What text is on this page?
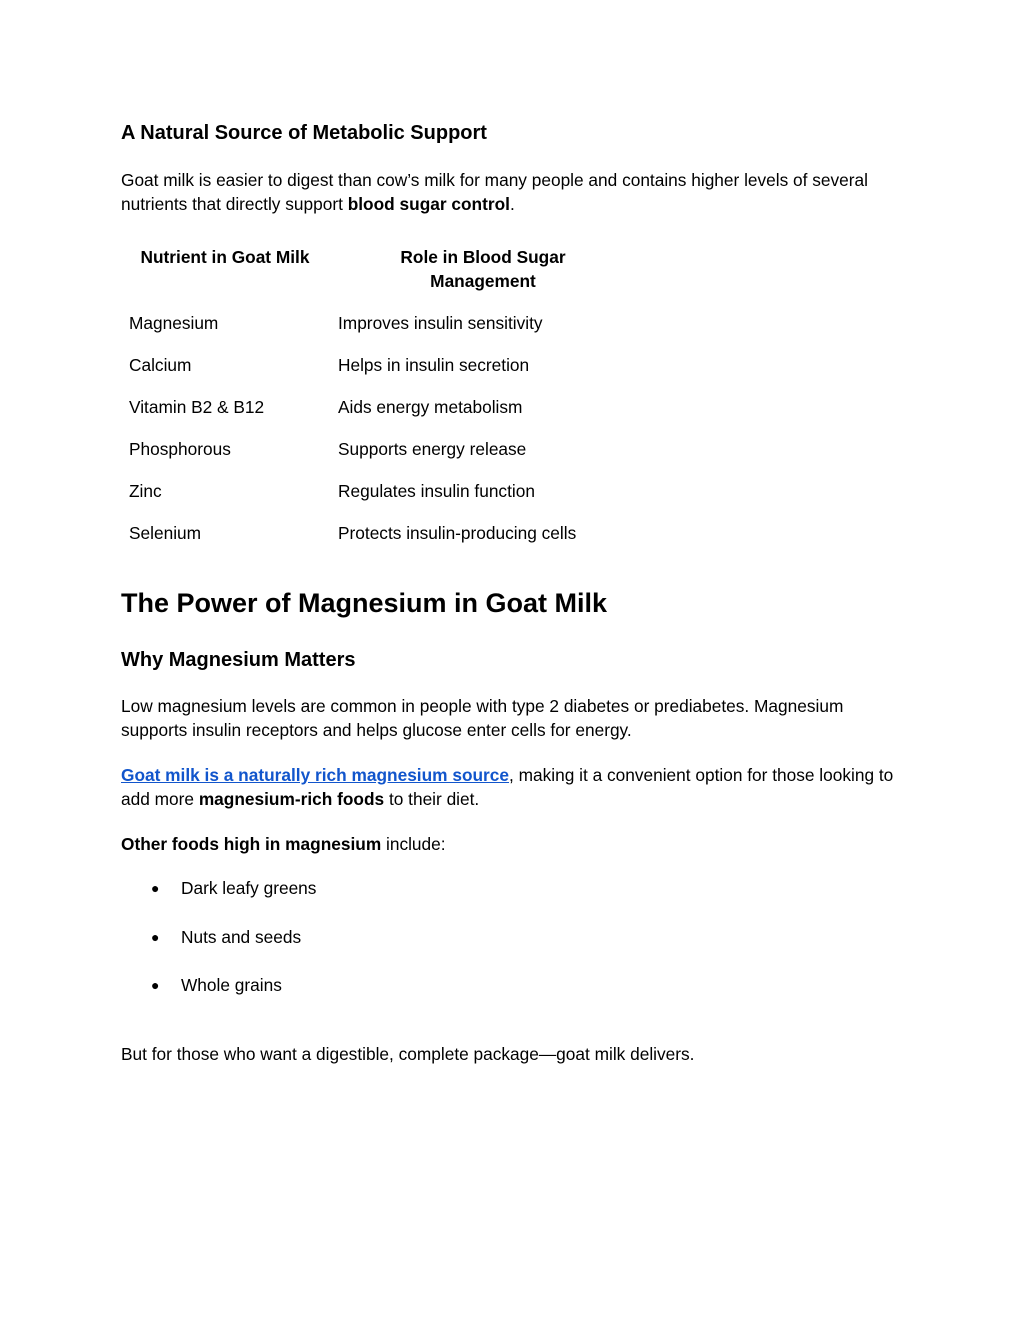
A Natural Source of Metabolic Support

Goat milk is easier to digest than cow’s milk for many people and contains higher levels of several nutrients that directly support blood sugar control.

Nutrient in Goat Milk	Role in Blood Sugar
Management
Magnesium	Improves insulin sensitivity
Calcium	Helps in insulin secretion
Vitamin B2 & B12	Aids energy metabolism
Phosphorous	Supports energy release
Zinc	Regulates insulin function
Selenium	Protects insulin-producing cells
The Power of Magnesium in Goat Milk
Why Magnesium Matters

Low magnesium levels are common in people with type 2 diabetes or prediabetes. Magnesium supports insulin receptors and helps glucose enter cells for energy.

Goat milk is a naturally rich magnesium source, making it a convenient option for those looking to add more magnesium-rich foods to their diet.

Other foods high in magnesium include:

● Dark leafy greens
● Nuts and seeds
● Whole grains

But for those who want a digestible, complete package—goat milk delivers.
